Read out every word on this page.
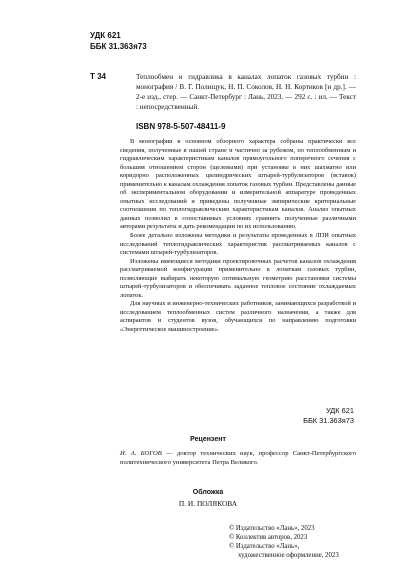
УДК 621
ББК 31.363я73
Т 34	Теплообмен и гидравлика в каналах лопаток газовых турбин : монография / В. Г. Полищук, Н. П. Соколов, Н. Н. Кортиков [и др.]. — 2-е изд., стер. — Санкт-Петербург : Лань, 2023. — 292 с. : ил. — Текст : непосредственный.
ISBN 978-5-507-48411-9

В монографии в основном обзорного характера собраны практически все сведения, полученные в нашей стране и частично за рубежом, по теплообменным и гидравлическим характеристикам каналов прямоугольного поперечного сечения с большим отношением сторон (щелевыми) при установке в них шахматно или коридорно расположенных цилиндрических штырей-турбулизаторов (вставок) применительно к каналам охлаждения лопаток газовых турбин. Представлены данные об экспериментальном оборудовании и измерительной аппаратуре проведенных опытных исследований и приведены полученные эмпирические критериальные соотношения по теплогидравлическим характеристикам каналов. Анализ опытных данных позволил в сопоставимых условиях сравнить полученные различными авторами результаты и дать рекомендации по их использованию.

Более детально изложены методики и результаты проведенных в ЛПИ опытных исследований теплогидравлических характеристик рассматриваемых каналов с системами штырей-турбулизаторов.

Изложены имеющиеся методики проектировочных расчетов каналов охлаждения рассматриваемой конфигурации применительно к лопаткам газовых турбин, позволяющие выбирать некоторую оптимальную геометрию расстановки системы штырей-турбулизаторов и обеспечивать заданное тепловое состояние охлаждаемых лопаток.

Для научных и инженерно-технических работников, занимающихся разработкой и исследованием теплообменных систем различного назначения, а также для аспирантов и студентов вузов, обучающихся по направлению подготовки «Энергетическое машиностроение».

УДК 621
ББК 31.363я73
Рецензент
И. А. БОГОВ — доктор технических наук, профессор Санкт-Петербургского политехнического университета Петра Великого.
Обложка
П. И. ПОЛЯКОВА
© Издательство «Лань», 2023
© Коллектив авторов, 2023
© Издательство «Лань»,
художественное оформление, 2023
